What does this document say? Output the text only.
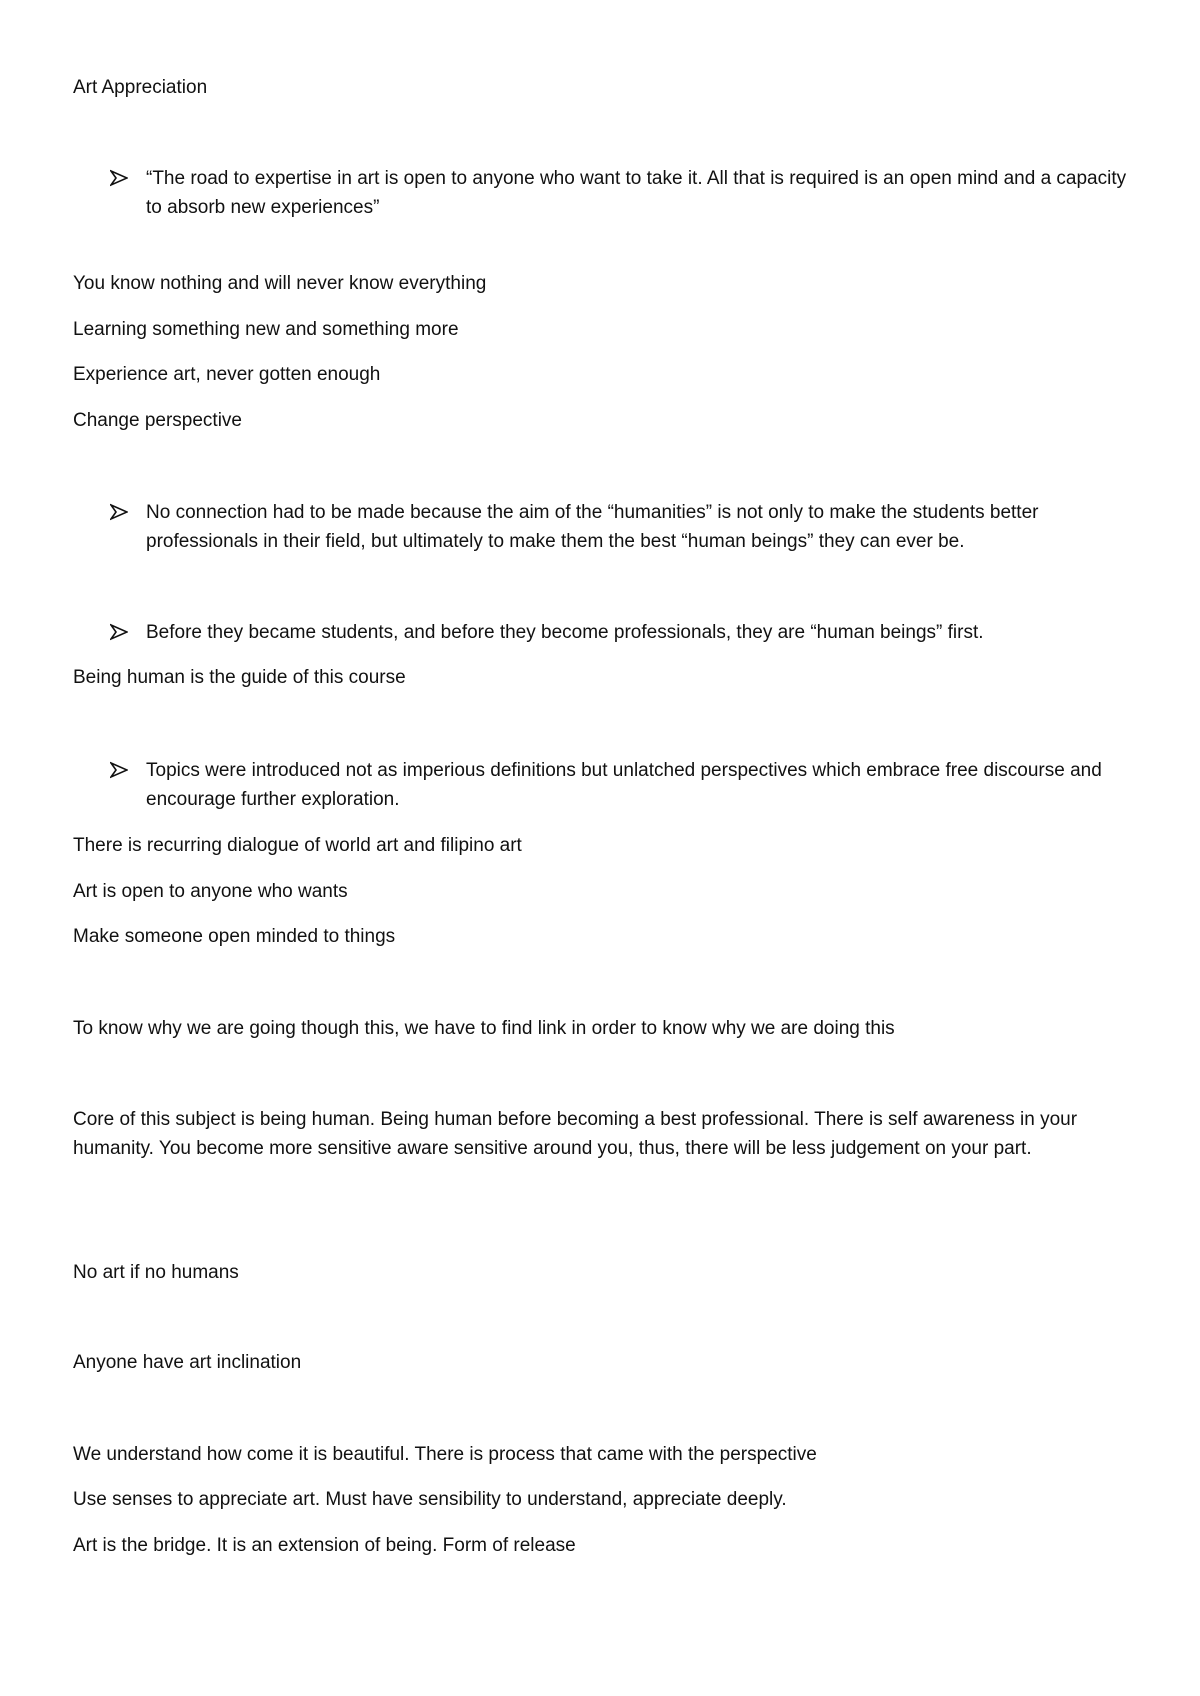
Art Appreciation
“The road to expertise in art is open to anyone who want to take it. All that is required is an open mind and a capacity to absorb new experiences”
You know nothing and will never know everything
Learning something new and something more
Experience art, never gotten enough
Change perspective
No connection had to be made because the aim of the “humanities” is not only to make the students better professionals in their field, but ultimately to make them the best “human beings” they can ever be.
Before they became students, and before they become professionals, they are “human beings” first.
Being human is the guide of this course
Topics were introduced not as imperious definitions but unlatched perspectives which embrace free discourse and encourage further exploration.
There is recurring dialogue of world art and filipino art
Art is open to anyone who wants
Make someone open minded to things
To know why we are going though this, we have to find link in order to know why we are doing this
Core of this subject is being human. Being human before becoming a best professional. There is self awareness in your humanity. You become more sensitive aware sensitive around you, thus, there will be less judgement on your part.
No art if no humans
Anyone have art inclination
We understand how come it is beautiful. There is process that came with the perspective
Use senses to appreciate art. Must have sensibility to understand, appreciate deeply.
Art is the bridge. It is an extension of being. Form of release
